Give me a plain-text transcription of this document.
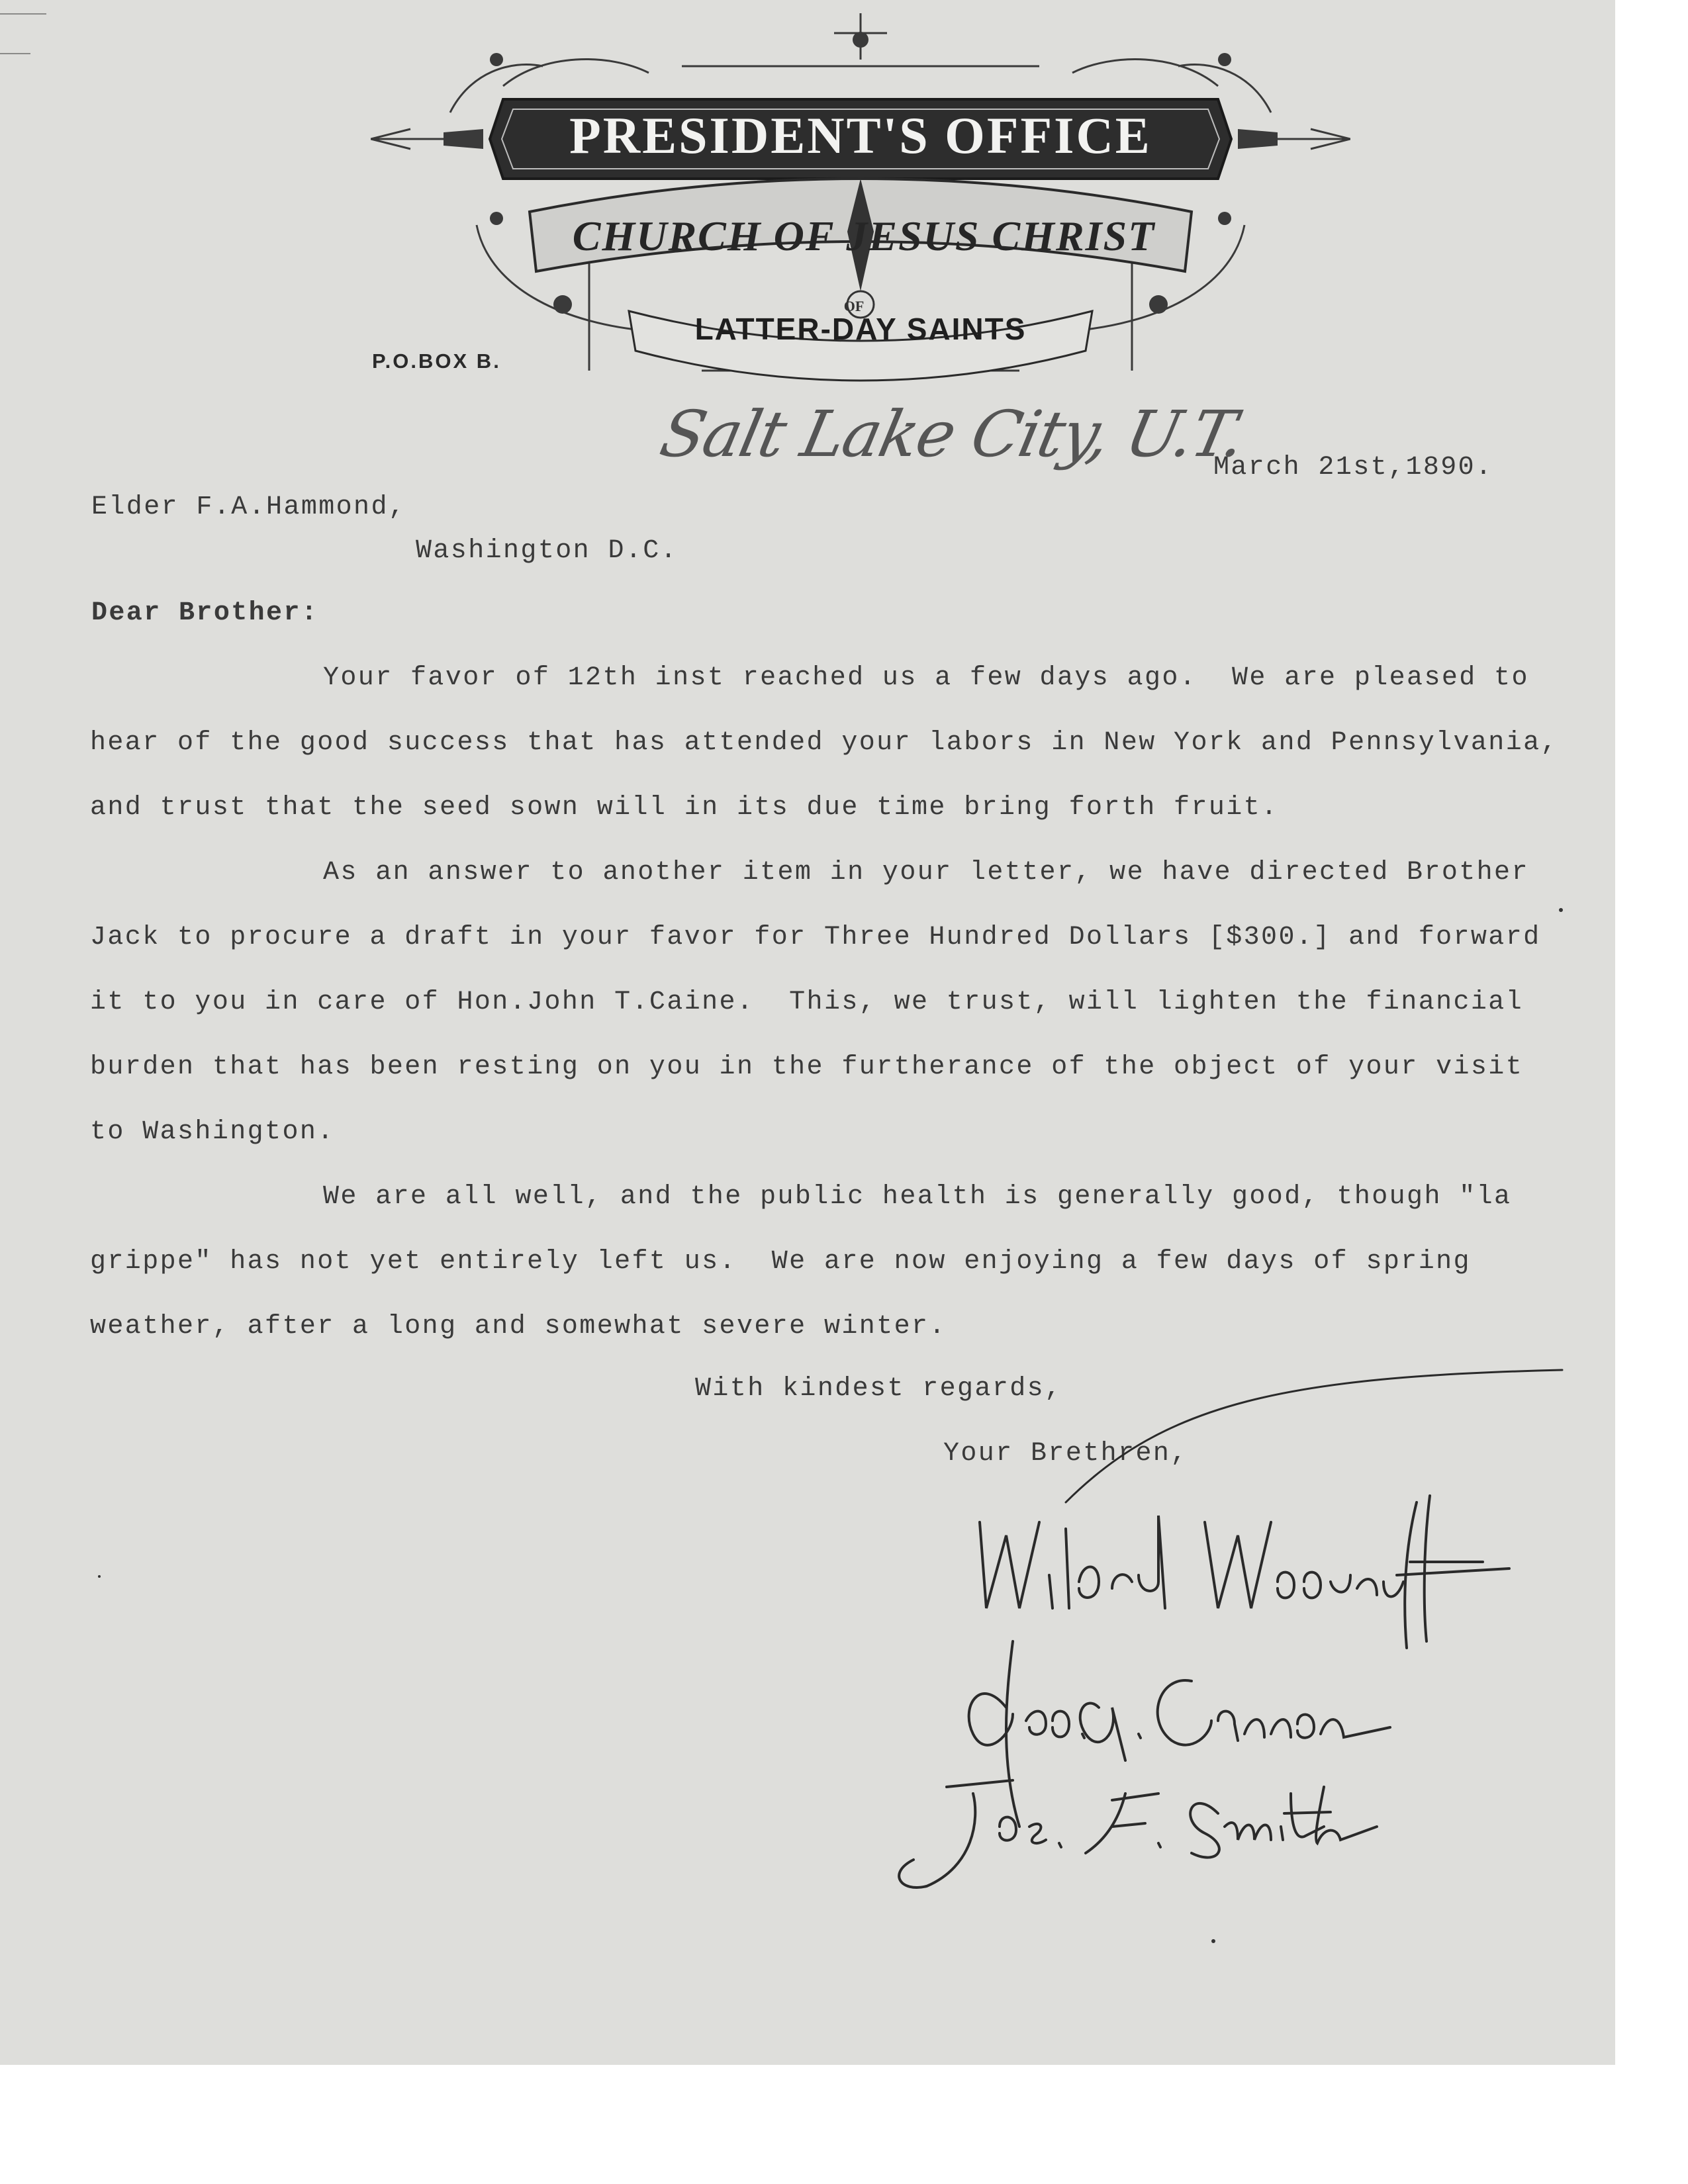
PRESIDENT'S OFFICE
CHURCH OF JESUS CHRIST
OF
LATTER-DAY SAINTS
P.O.BOX B.
Salt Lake City, U.T.
March 21st,1890.
Elder F.A.Hammond,
Washington D.C.
Dear Brother:
Your favor of 12th inst reached us a few days ago.  We are pleased to
hear of the good success that has attended your labors in New York and Pennsylvania,
and trust that the seed sown will in its due time bring forth fruit.
As an answer to another item in your letter, we have directed Brother
Jack to procure a draft in your favor for Three Hundred Dollars [$300.] and forward
it to you in care of Hon.John T.Caine.  This, we trust, will lighten the financial
burden that has been resting on you in the furtherance of the object of your visit
to Washington.
We are all well, and the public health is generally good, though "la
grippe" has not yet entirely left us.  We are now enjoying a few days of spring
weather, after a long and somewhat severe winter.
With kindest regards,
Your Brethren,
